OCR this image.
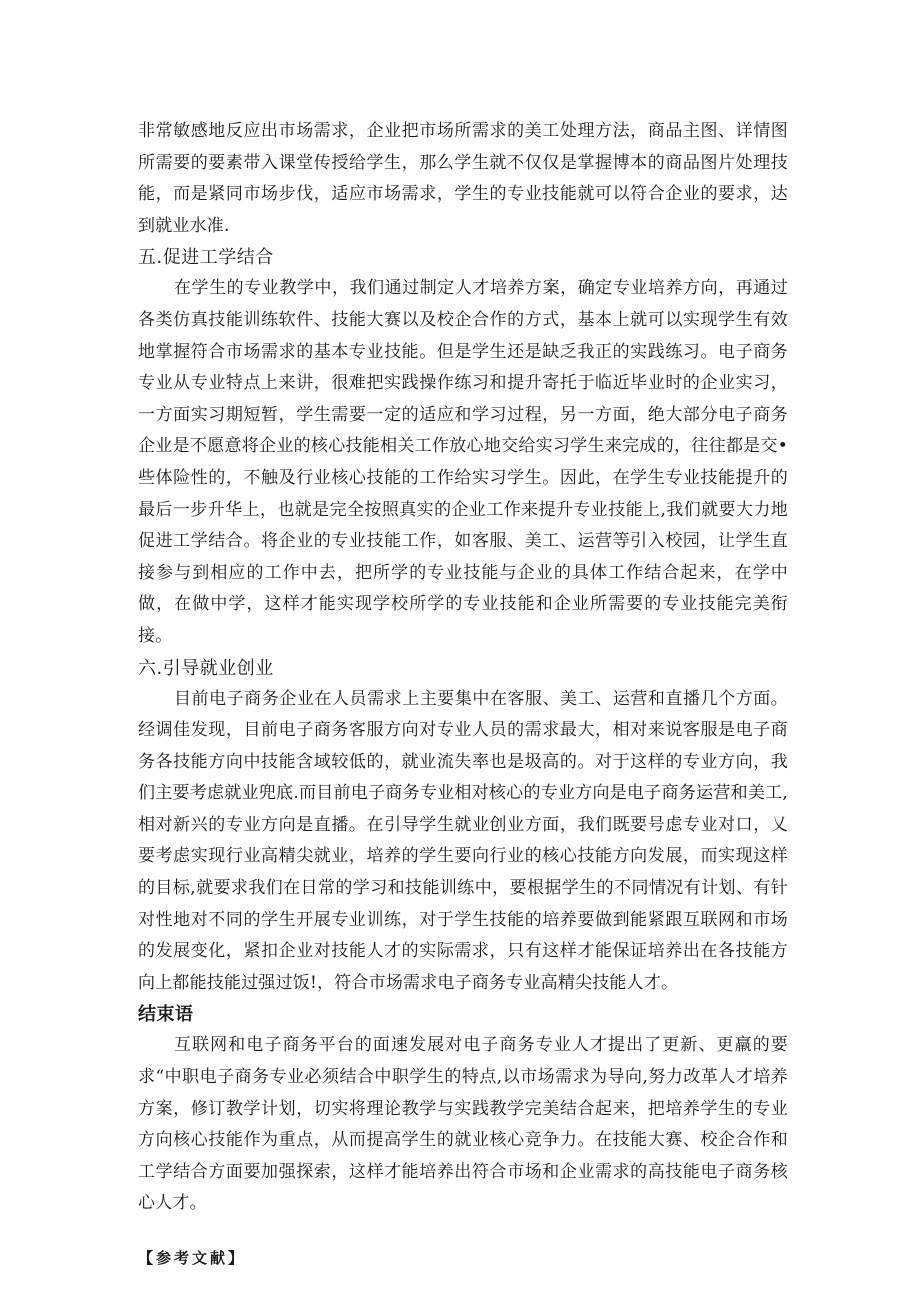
非常敏感地反应出市场需求，企业把市场所需求的美工处理方法，商品主图、详情图所需要的要素带入课堂传授给学生，那么学生就不仅仅是掌握博本的商品图片处理技能，而是紧同市场步伐，适应市场需求，学生的专业技能就可以符合企业的要求，达到就业水准.

五.促进工学结合

在学生的专业教学中，我们通过制定人才培养方案，确定专业培养方向，再通过各类仿真技能训练软件、技能大赛以及校企合作的方式，基本上就可以实现学生有效地掌握符合市场需求的基本专业技能。但是学生还是缺乏我正的实践练习。电子商务专业从专业特点上来讲，很难把实践操作练习和提升寄托于临近毕业时的企业实习，一方面实习期短暂，学生需要一定的适应和学习过程，另一方面，绝大部分电子商务企业是不愿意将企业的核心技能相关工作放心地交给实习学生来完成的，往往都是交•些体险性的，不触及行业核心技能的工作给实习学生。因此，在学生专业技能提升的最后一步升华上，也就是完全按照真实的企业工作来提升专业技能上,我们就要大力地促进工学结合。将企业的专业技能工作，如客服、美工、运营等引入校园，让学生直接参与到相应的工作中去，把所学的专业技能与企业的具体工作结合起来，在学中做，在做中学，这样才能实现学校所学的专业技能和企业所需要的专业技能完美衔接。

六.引导就业创业

目前电子商务企业在人员需求上主要集中在客服、美工、运营和直播几个方面。经调佳发现，目前电子商务客服方向对专业人员的需求最大，相对来说客服是电子商务各技能方向中技能含域较低的，就业流失率也是圾高的。对于这样的专业方向，我们主要考虑就业兜底.而目前电子商务专业相对核心的专业方向是电子商务运营和美工,相对新兴的专业方向是直播。在引导学生就业创业方面，我们既要号虑专业对口，乂要考虑实现行业高精尖就业，培养的学生要向行业的核心技能方向发展，而实现这样的目标,就要求我们在日常的学习和技能训练中，要根据学生的不同情况有计划、有针对性地对不同的学生开展专业训练，对于学生技能的培养要做到能紧跟互联网和市场的发展变化，紧扣企业对技能人才的实际需求，只有这样才能保证培养出在各技能方向上都能技能过强过饭!，符合市场需求电子商务专业高精尖技能人才。

结束语

互联网和电子商务平台的面速发展对电子商务专业人才提出了更新、更羸的要求“中职电子商务专业必须结合中职学生的特点,以市场需求为导向,努力改革人才培养方案，修订教学计划，切实将理论教学与实践教学完美结合起来，把培养学生的专业方向核心技能作为重点，从而提高学生的就业核心竞争力。在技能大赛、校企合作和工学结合方面要加强探索，这样才能培养出符合市场和企业需求的高技能电子商务核心人才。

【参考文献】
